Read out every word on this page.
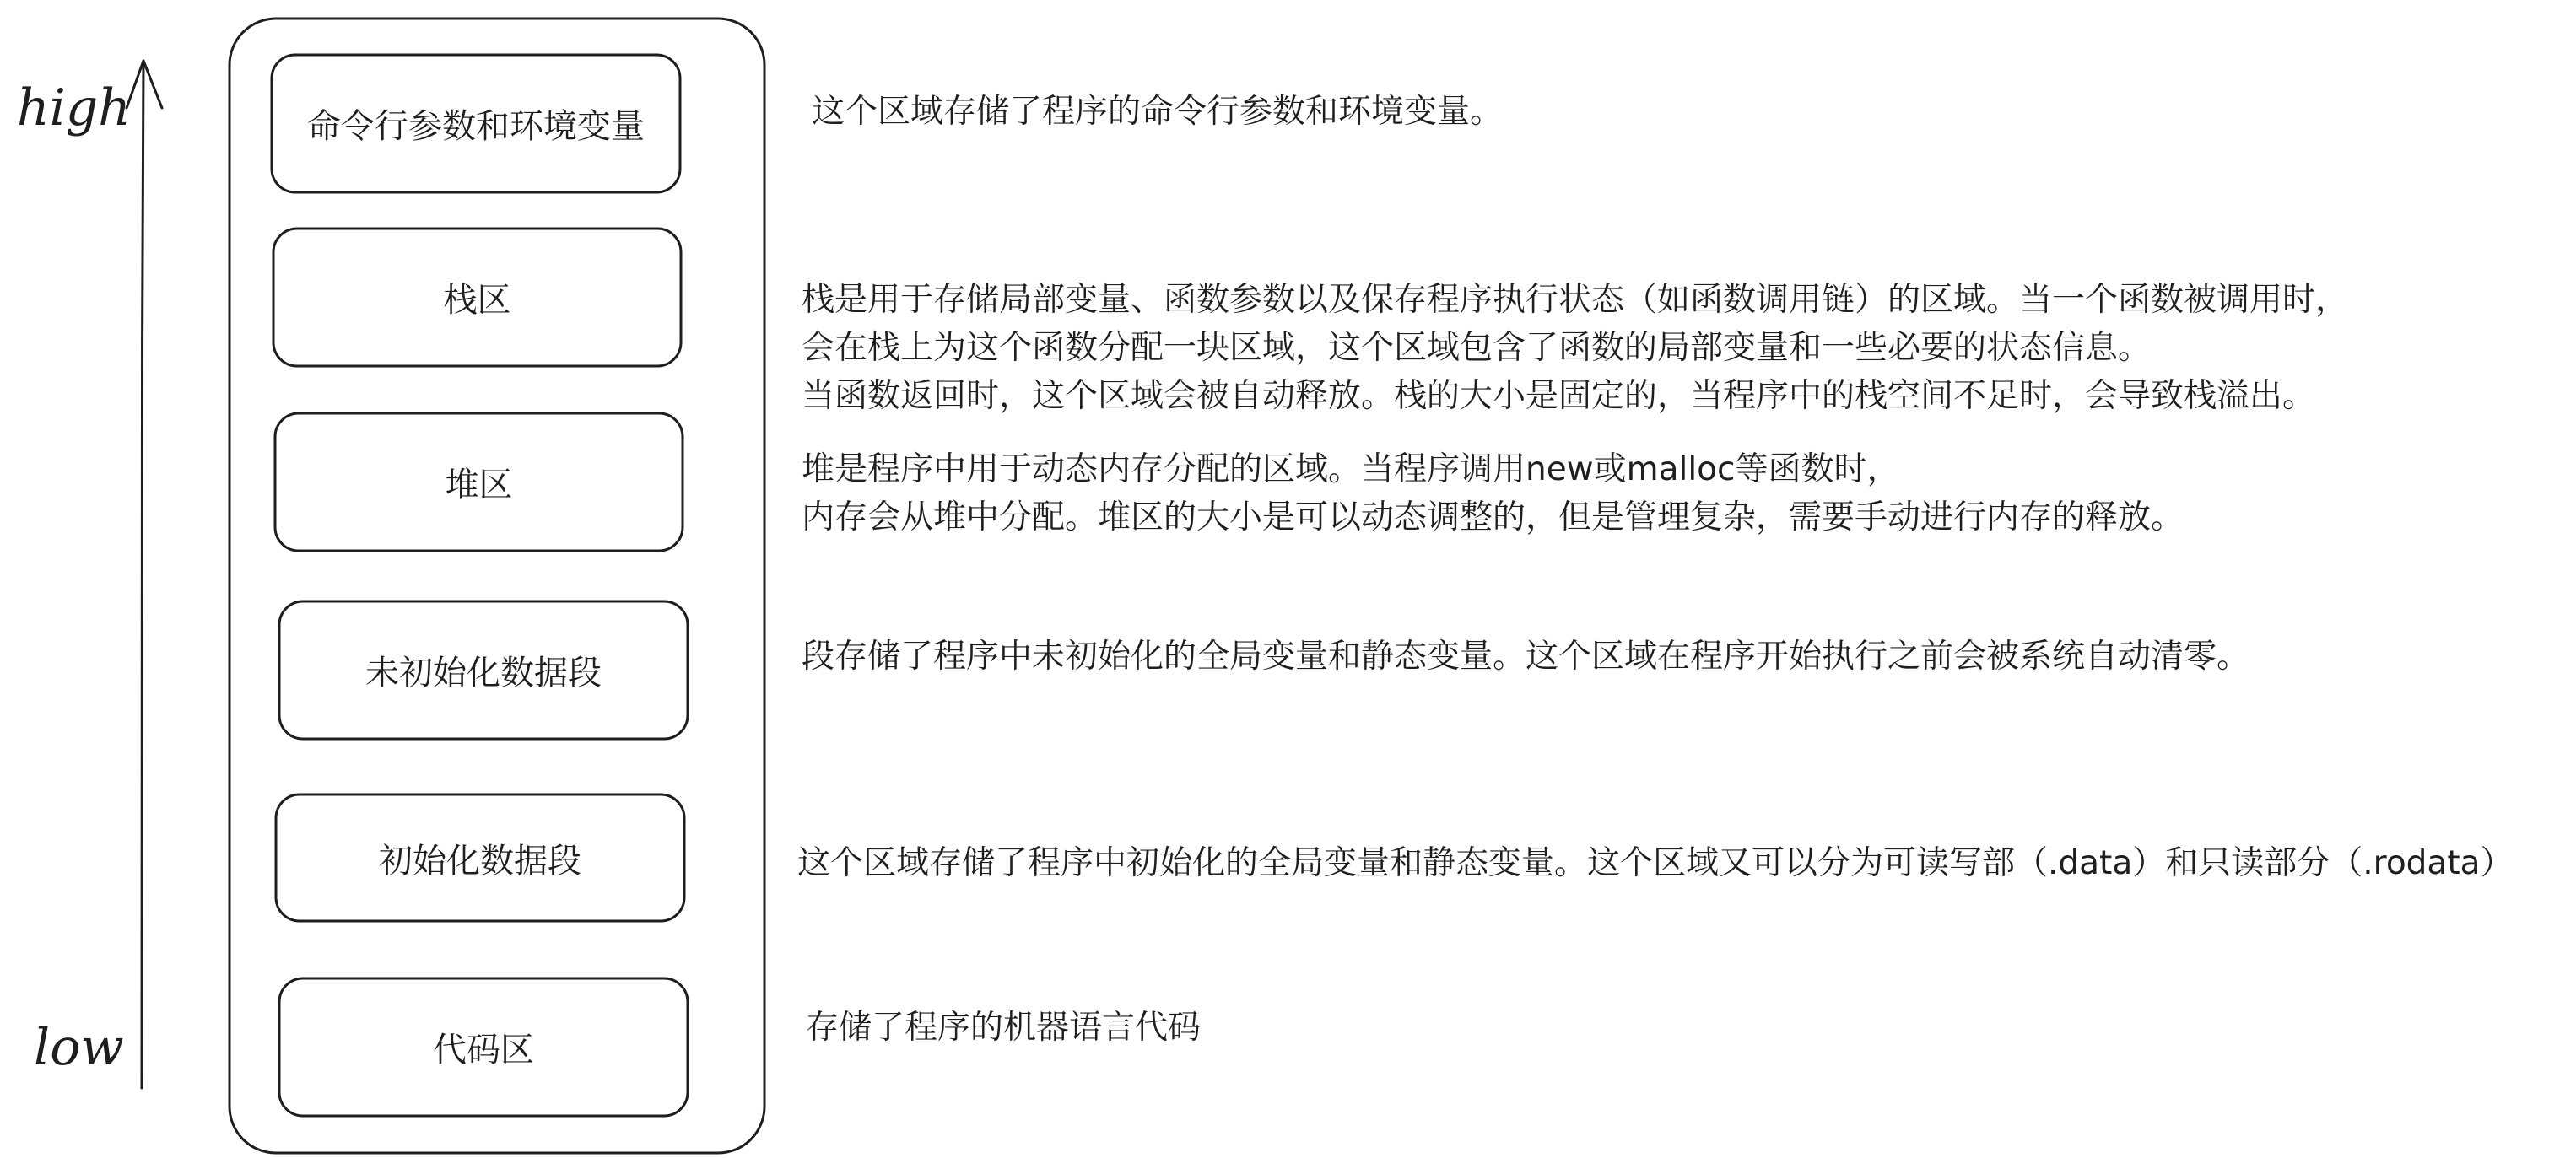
high
low
命令行参数和环境变量
栈区
堆区
未初始化数据段
初始化数据段
代码区
这个区域存储了程序的命令行参数和环境变量。
栈是用于存储局部变量、函数参数以及保存程序执行状态（如函数调用链）的区域。当一个函数被调用时，
会在栈上为这个函数分配一块区域，这个区域包含了函数的局部变量和一些必要的状态信息。
当函数返回时，这个区域会被自动释放。栈的大小是固定的，当程序中的栈空间不足时，会导致栈溢出。
堆是程序中用于动态内存分配的区域。当程序调用new或malloc等函数时，
内存会从堆中分配。堆区的大小是可以动态调整的，但是管理复杂，需要手动进行内存的释放。
段存储了程序中未初始化的全局变量和静态变量。这个区域在程序开始执行之前会被系统自动清零。
这个区域存储了程序中初始化的全局变量和静态变量。这个区域又可以分为可读写部（.data）和只读部分（.rodata）
存储了程序的机器语言代码
